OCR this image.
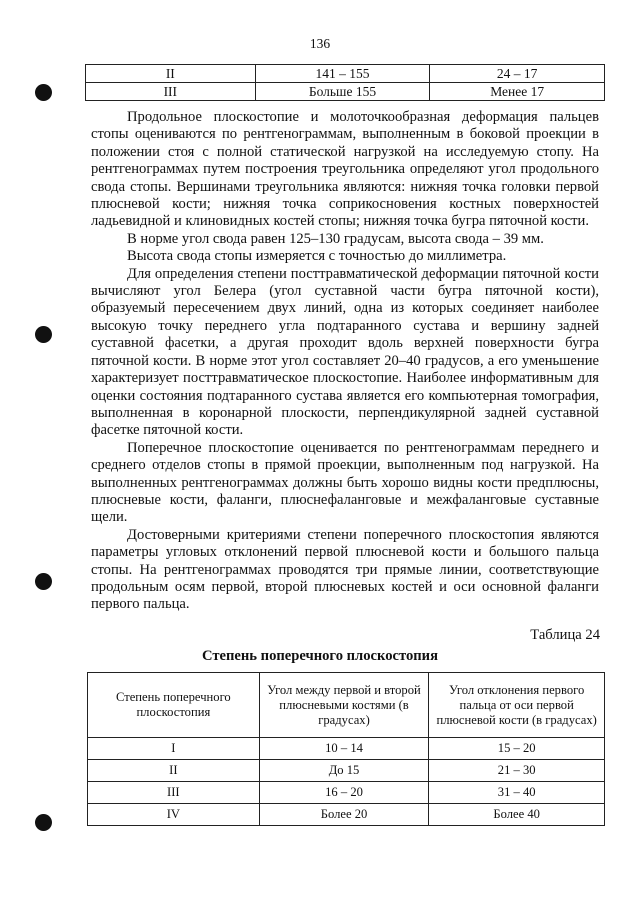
136
II	141 – 155	24 – 17
III	Больше 155	Менее 17

Продольное плоскостопие и молоточкообразная деформация пальцев стопы оцениваются по рентгенограммам, выполненным в боковой проекции в положении стоя с полной статической нагрузкой на исследуемую стопу. На рентгенограммах путем построения треугольника определяют угол продольного свода стопы. Вершинами треугольника являются: нижняя точка головки первой плюсневой кости; нижняя точка соприкосновения костных поверхностей ладьевидной и клиновидных костей стопы; нижняя точка бугра пяточной кости.

В норме угол свода равен 125–130 градусам, высота свода – 39 мм.

Высота свода стопы измеряется с точностью до миллиметра.

Для определения степени посттравматической деформации пяточной кости вычисляют угол Белера (угол суставной части бугра пяточной кости), образуемый пересечением двух линий, одна из которых соединяет наиболее высокую точку переднего угла подтаранного сустава и вершину задней суставной фасетки, а другая проходит вдоль верхней поверхности бугра пяточной кости. В норме этот угол составляет 20–40 градусов, а его уменьшение характеризует посттравматическое плоскостопие. Наиболее информативным для оценки состояния подтаранного сустава является его компьютерная томография, выполненная в коронарной плоскости, перпендикулярной задней суставной фасетке пяточной кости.

Поперечное плоскостопие оценивается по рентгенограммам переднего и среднего отделов стопы в прямой проекции, выполненным под нагрузкой. На выполненных рентгенограммах должны быть хорошо видны кости предплюсны, плюсневые кости, фаланги, плюснефаланговые и межфаланговые суставные щели.

Достоверными критериями степени поперечного плоскостопия являются параметры угловых отклонений первой плюсневой кости и большого пальца стопы. На рентгенограммах проводятся три прямые линии, соответствующие продольным осям первой, второй плюсневых костей и оси основной фаланги первого пальца.

Таблица 24
Степень поперечного плоскостопия
Степень поперечного плоскостопия	Угол между первой и второй плюсневыми костями (в градусах)	Угол отклонения первого пальца от оси первой плюсневой кости (в градусах)
I	10 – 14	15 – 20
II	До 15	21 – 30
III	16 – 20	31 – 40
IV	Более 20	Более 40
